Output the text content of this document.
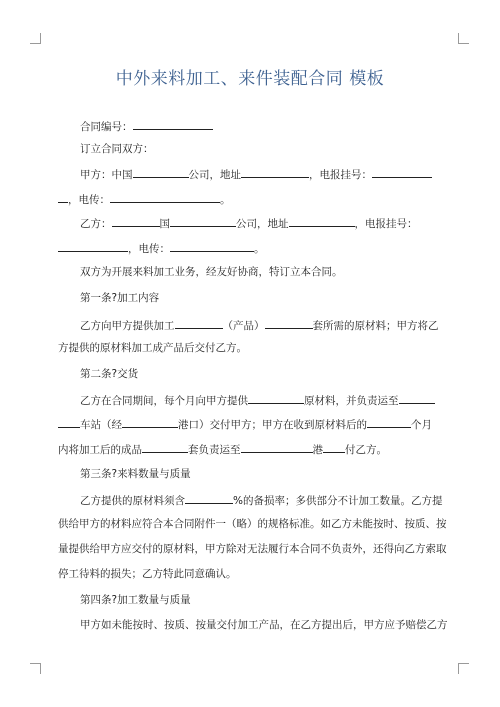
中外来料加工、来件装配合同 模板
合同编号：
订立合同双方：
甲方：中国	公司，地址	，电报挂号：
，电传：	。
乙方：	国	公司，地址	，电报挂号：
，电传：	。
双方为开展来料加工业务，经友好协商，特订立本合同。
第一条?加工内容
乙方向甲方提供加工	（产品）	套所需的原材料；甲方将乙
方提供的原材料加工成产品后交付乙方。
第二条?交货
乙方在合同期间，每个月向甲方提供	原材料，并负责运至
车站（经	港口）交付甲方；甲方在收到原材料后的	个月
内将加工后的成品	套负责运至	港 付乙方。
第三条?来料数量与质量
乙方提供的原材料须含	%的备损率；多供部分不计加工数量。乙方提
供给甲方的材料应符合本合同附件一（略）的规格标准。如乙方未能按时、按质、按
量提供给甲方应交付的原材料，甲方除对无法履行本合同不负责外，还得向乙方索取
停工待料的损失；乙方特此同意确认。
第四条?加工数量与质量
甲方如未能按时、按质、按量交付加工产品，在乙方提出后，甲方应予赔偿乙方
